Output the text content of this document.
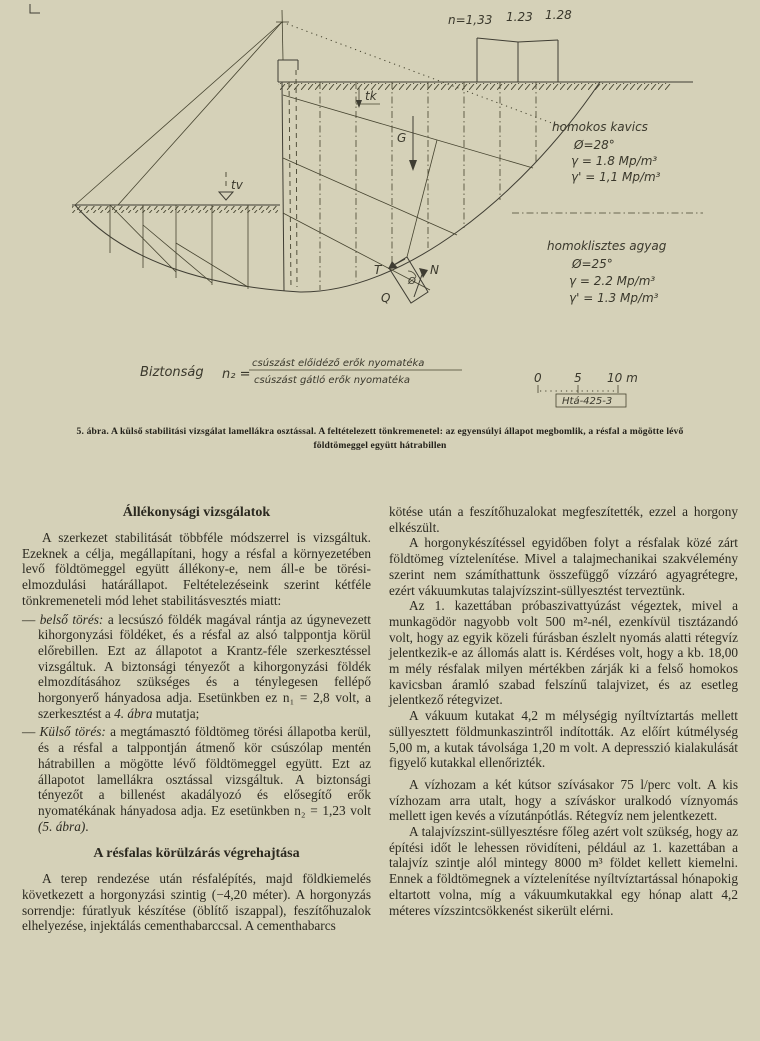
n=1,33 1.23 1.28
tk
tv
G
T	N
Q
Ø
homokos kavics
Ø=28°
γ = 1.8 Mp/m³
γ' = 1,1 Mp/m³
homoklisztes agyag
Ø=25°
γ = 2.2 Mp/m³
γ' = 1.3 Mp/m³
Biztonság n₂ =
csúszást előidéző erők nyomatéka
csúszást gátló erők nyomatéka	0	5 10 m
Htá-425-3
5. ábra. A külső stabilitási vizsgálat lamellákra osztással. A feltételezett tönkremenetel: az egyensúlyi állapot megbomlik, a résfal a mögötte lévő
földtömeggel együtt hátrabillen
Állékonysági vizsgálatok

A szerkezet stabilitását többféle módszerrel is vizsgáltuk. Ezeknek a célja, megállapítani, hogy a résfal a környezetében levő földtömeggel együtt állékony-e, nem áll-e be törési-elmozdulási határállapot. Feltételezéseink szerint kétféle tönkremeneteli mód lehet stabilitásvesztés miatt:

— belső törés: a lecsúszó földék magával rántja az úgynevezett kihorgonyzási földéket, és a résfal az alsó talppontja körül előrebillen. Ezt az állapotot a Krantz-féle szerkesztéssel vizsgáltuk. A biztonsági tényezőt a kihorgonyzási földék elmozdításához szükséges és a ténylegesen fellépő horgonyerő hányadosa adja. Esetünkben ez n₁ = 2,8 volt, a szerkesztést a 4. ábra mutatja;

— Külső törés: a megtámasztó földtömeg törési állapotba kerül, és a résfal a talppontján átmenő kör csúszólap mentén hátrabillen a mögötte lévő földtömeggel együtt. Ezt az állapotot lamellákra osztással vizsgáltuk. A biztonsági tényezőt a billenést akadályozó és elősegítő erők nyomatékának hányadosa adja. Ez esetünkben n₂ = 1,23 volt (5. ábra).

A résfalas körülzárás végrehajtása

A terep rendezése után résfalépítés, majd földkiemelés következett a horgonyzási szintig (−4,20 méter). A horgonyzás sorrendje: fúratlyuk készítése (öblítő iszappal), feszítőhuzalok elhelyezése, injektálás cementhabarccsal. A cementhabarcs

kötése után a feszítőhuzalokat megfeszítették, ezzel a horgony elkészült.

A horgonykészítéssel egyidőben folyt a résfalak közé zárt földtömeg víztelenítése. Mivel a talajmechanikai szakvélemény szerint nem számíthattunk összefüggő vízzáró agyagrétegre, ezért vákuumkutas talajvízszint-süllyesztést terveztünk.

Az 1. kazettában próbaszivattyúzást végeztek, mivel a munkagödör nagyobb volt 500 m²-nél, ezenkívül tisztázandó volt, hogy az egyik közeli fúrásban észlelt nyomás alatti rétegvíz jelentkezik-e az állomás alatt is. Kérdéses volt, hogy a kb. 18,00 m mély résfalak milyen mértékben zárják ki a felső homokos kavicsban áramló szabad felszínű talajvizet, és az esetleg jelentkező rétegvizet.

A vákuum kutakat 4,2 m mélységig nyíltvíztartás mellett süllyesztett földmunkaszintről indították. Az előírt kútmélység 5,00 m, a kutak távolsága 1,20 m volt. A depresszió kialakulását figyelő kutakkal ellenőrizték.

A vízhozam a két kútsor szívásakor 75 l/perc volt. A kis vízhozam arra utalt, hogy a szíváskor uralkodó víznyomás mellett igen kevés a vízutánpótlás. Rétegvíz nem jelentkezett.

A talajvízszint-süllyesztésre főleg azért volt szükség, hogy az építési időt le lehessen rövidíteni, például az 1. kazettában a talajvíz szintje alól mintegy 8000 m³ földet kellett kiemelni. Ennek a földtömegnek a víztelenítése nyíltvíztartással hónapokig eltartott volna, míg a vákuumkutakkal egy hónap alatt 4,2 méteres vízszintcsökkenést sikerült elérni.
